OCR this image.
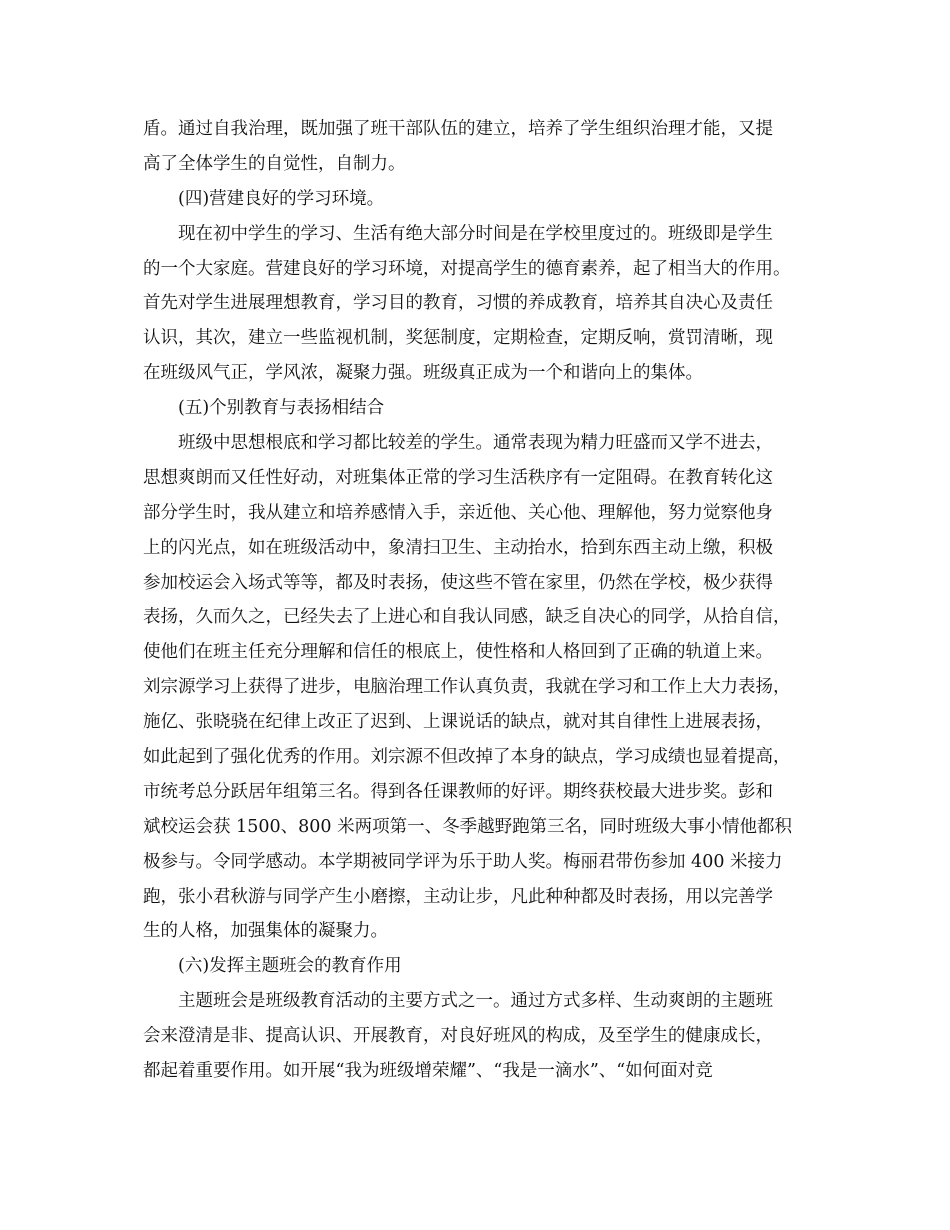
盾。通过自我治理，既加强了班干部队伍的建立，培养了学生组织治理才能，又提
高了全体学生的自觉性，自制力。
(四)营建良好的学习环境。
现在初中学生的学习、生活有绝大部分时间是在学校里度过的。班级即是学生
的一个大家庭。营建良好的学习环境，对提高学生的德育素养，起了相当大的作用。
首先对学生进展理想教育，学习目的教育，习惯的养成教育，培养其自决心及责任
认识，其次，建立一些监视机制，奖惩制度，定期检查，定期反响，赏罚清晰，现
在班级风气正，学风浓，凝聚力强。班级真正成为一个和谐向上的集体。
(五)个别教育与表扬相结合
班级中思想根底和学习都比较差的学生。通常表现为精力旺盛而又学不进去，
思想爽朗而又任性好动，对班集体正常的学习生活秩序有一定阻碍。在教育转化这
部分学生时，我从建立和培养感情入手，亲近他、关心他、理解他，努力觉察他身
上的闪光点，如在班级活动中，象清扫卫生、主动抬水，拾到东西主动上缴，积极
参加校运会入场式等等，都及时表扬，使这些不管在家里，仍然在学校，极少获得
表扬，久而久之，已经失去了上进心和自我认同感，缺乏自决心的同学，从拾自信，
使他们在班主任充分理解和信任的根底上，使性格和人格回到了正确的轨道上来。
刘宗源学习上获得了进步，电脑治理工作认真负责，我就在学习和工作上大力表扬，
施亿、张晓骁在纪律上改正了迟到、上课说话的缺点，就对其自律性上进展表扬，
如此起到了强化优秀的作用。刘宗源不但改掉了本身的缺点，学习成绩也显着提高，
市统考总分跃居年组第三名。得到各任课教师的好评。期终获校最大进步奖。彭和
斌校运会获 1500、800 米两项第一、冬季越野跑第三名，同时班级大事小情他都积
极参与。令同学感动。本学期被同学评为乐于助人奖。梅丽君带伤参加 400 米接力
跑，张小君秋游与同学产生小磨擦，主动让步，凡此种种都及时表扬，用以完善学
生的人格，加强集体的凝聚力。
(六)发挥主题班会的教育作用
主题班会是班级教育活动的主要方式之一。通过方式多样、生动爽朗的主题班
会来澄清是非、提高认识、开展教育，对良好班风的构成，及至学生的健康成长，
都起着重要作用。如开展“我为班级增荣耀”、“我是一滴水”、“如何面对竞
